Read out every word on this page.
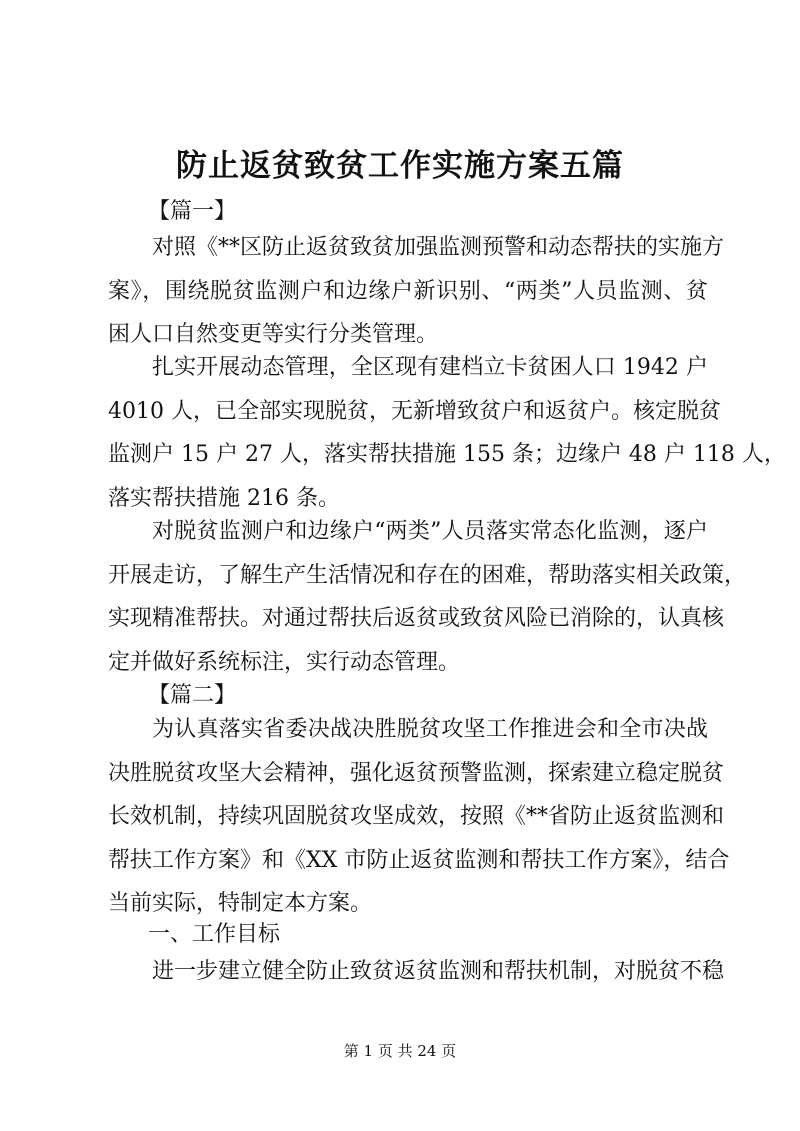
防止返贫致贫工作实施方案五篇
【篇一】

对照《**区防止返贫致贫加强监测预警和动态帮扶的实施方
案》，围绕脱贫监测户和边缘户新识别、“两类”人员监测、贫
困人口自然变更等实行分类管理。

扎实开展动态管理，全区现有建档立卡贫困人口 1942 户
4010 人，已全部实现脱贫，无新增致贫户和返贫户。核定脱贫
监测户 15 户 27 人，落实帮扶措施 155 条；边缘户 48 户 118 人，
落实帮扶措施 216 条。

对脱贫监测户和边缘户“两类”人员落实常态化监测，逐户
开展走访，了解生产生活情况和存在的困难，帮助落实相关政策，
实现精准帮扶。对通过帮扶后返贫或致贫风险已消除的，认真核
定并做好系统标注，实行动态管理。

【篇二】

为认真落实省委决战决胜脱贫攻坚工作推进会和全市决战
决胜脱贫攻坚大会精神，强化返贫预警监测，探索建立稳定脱贫
长效机制，持续巩固脱贫攻坚成效，按照《**省防止返贫监测和
帮扶工作方案》和《XX 市防止返贫监测和帮扶工作方案》，结合
当前实际，特制定本方案。

一、工作目标

进一步建立健全防止致贫返贫监测和帮扶机制，对脱贫不稳

第 1 页 共 24 页
